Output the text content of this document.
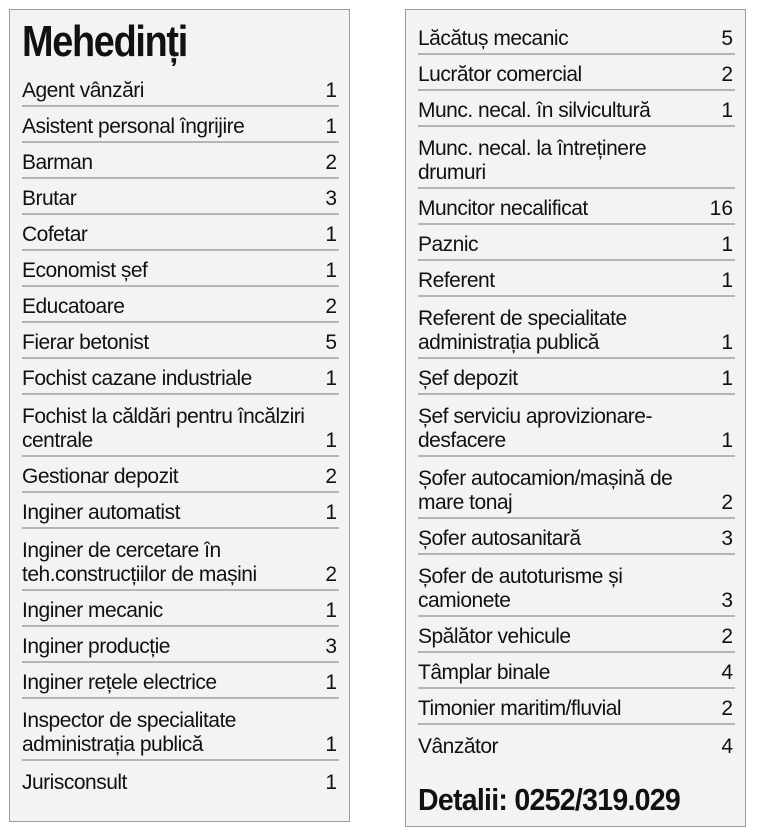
Mehedinți
Agent vânzări	1
Asistent personal îngrijire	1
Barman	2
Brutar	3
Cofetar	1
Economist șef	1
Educatoare	2
Fierar betonist	5
Fochist cazane industriale	1
Fochist la căldări pentru încălziri centrale	1
Gestionar depozit	2
Inginer automatist	1
Inginer de cercetare în teh.construcțiilor de mașini	2
Inginer mecanic	1
Inginer producție	3
Inginer rețele electrice	1
Inspector de specialitate administrația publică	1
Jurisconsult	1
Lăcătuș mecanic	5
Lucrător comercial	2
Munc. necal. în silvicultură	1
Munc. necal. la întreținere drumuri
Muncitor necalificat	16
Paznic	1
Referent	1
Referent de specialitate administrația publică	1
Șef depozit	1
Șef serviciu aprovizionare-desfacere	1
Șofer autocamion/mașină de mare tonaj	2
Șofer autosanitară	3
Șofer de autoturisme și camionete	3
Spălător vehicule	2
Tâmplar binale	4
Timonier maritim/fluvial	2
Vânzător	4
Detalii: 0252/319.029
